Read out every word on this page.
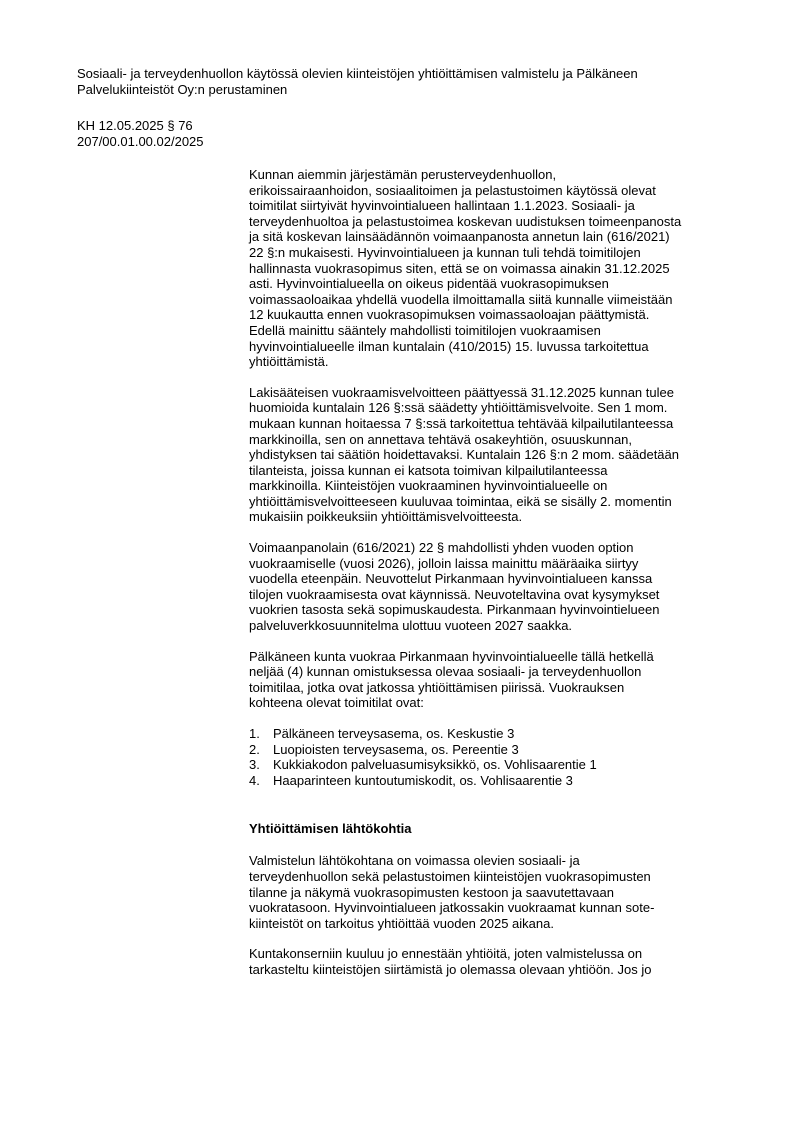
Sosiaali- ja terveydenhuollon käytössä olevien kiinteistöjen yhtiöittämisen valmistelu ja Pälkäneen
Palvelukiinteistöt Oy:n perustaminen
KH 12.05.2025 § 76
207/00.01.00.02/2025
Kunnan aiemmin järjestämän perusterveydenhuollon,
erikoissairaanhoidon, sosiaalitoimen ja pelastustoimen käytössä olevat
toimitilat siirtyivät hyvinvointialueen hallintaan 1.1.2023. Sosiaali- ja
terveydenhuoltoa ja pelastustoimea koskevan uudistuksen toimeenpanosta
ja sitä koskevan lainsäädännön voimaanpanosta annetun lain (616/2021)
22 §:n mukaisesti. Hyvinvointialueen ja kunnan tuli tehdä toimitilojen
hallinnasta vuokrasopimus siten, että se on voimassa ainakin 31.12.2025
asti. Hyvinvointialueella on oikeus pidentää vuokrasopimuksen
voimassaoloaikaa yhdellä vuodella ilmoittamalla siitä kunnalle viimeistään
12 kuukautta ennen vuokrasopimuksen voimassaoloajan päättymistä.
Edellä mainittu sääntely mahdollisti toimitilojen vuokraamisen
hyvinvointialueelle ilman kuntalain (410/2015) 15. luvussa tarkoitettua
yhtiöittämistä.
Lakisääteisen vuokraamisvelvoitteen päättyessä 31.12.2025 kunnan tulee
huomioida kuntalain 126 §:ssä säädetty yhtiöittämisvelvoite. Sen 1 mom.
mukaan kunnan hoitaessa 7 §:ssä tarkoitettua tehtävää kilpailutilanteessa
markkinoilla, sen on annettava tehtävä osakeyhtiön, osuuskunnan,
yhdistyksen tai säätiön hoidettavaksi. Kuntalain 126 §:n 2 mom. säädetään
tilanteista, joissa kunnan ei katsota toimivan kilpailutilanteessa
markkinoilla. Kiinteistöjen vuokraaminen hyvinvointialueelle on
yhtiöittämisvelvoitteeseen kuuluvaa toimintaa, eikä se sisälly 2. momentin
mukaisiin poikkeuksiin yhtiöittämisvelvoitteesta.
Voimaanpanolain (616/2021) 22 § mahdollisti yhden vuoden option
vuokraamiselle (vuosi 2026), jolloin laissa mainittu määräaika siirtyy
vuodella eteenpäin. Neuvottelut Pirkanmaan hyvinvointialueen kanssa
tilojen vuokraamisesta ovat käynnissä. Neuvoteltavina ovat kysymykset
vuokrien tasosta sekä sopimuskaudesta. Pirkanmaan hyvinvointielueen
palveluverkkosuunnitelma ulottuu vuoteen 2027 saakka.
Pälkäneen kunta vuokraa Pirkanmaan hyvinvointialueelle tällä hetkellä
neljää (4) kunnan omistuksessa olevaa sosiaali- ja terveydenhuollon
toimitilaa, jotka ovat jatkossa yhtiöittämisen piirissä. Vuokrauksen
kohteena olevat toimitilat ovat:
1. Pälkäneen terveysasema, os. Keskustie 3
2. Luopioisten terveysasema, os. Pereentie 3
3. Kukkiakodon palveluasumisyksikkö, os. Vohlisaarentie 1
4. Haaparinteen kuntoutumiskodit, os. Vohlisaarentie 3
Yhtiöittämisen lähtökohtia
Valmistelun lähtökohtana on voimassa olevien sosiaali- ja
terveydenhuollon sekä pelastustoimen kiinteistöjen vuokrasopimusten
tilanne ja näkymä vuokrasopimusten kestoon ja saavutettavaan
vuokratasoon. Hyvinvointialueen jatkossakin vuokraamat kunnan sote-
kiinteistöt on tarkoitus yhtiöittää vuoden 2025 aikana.
Kuntakonserniin kuuluu jo ennestään yhtiöitä, joten valmistelussa on
tarkasteltu kiinteistöjen siirtämistä jo olemassa olevaan yhtiöön. Jos jo
